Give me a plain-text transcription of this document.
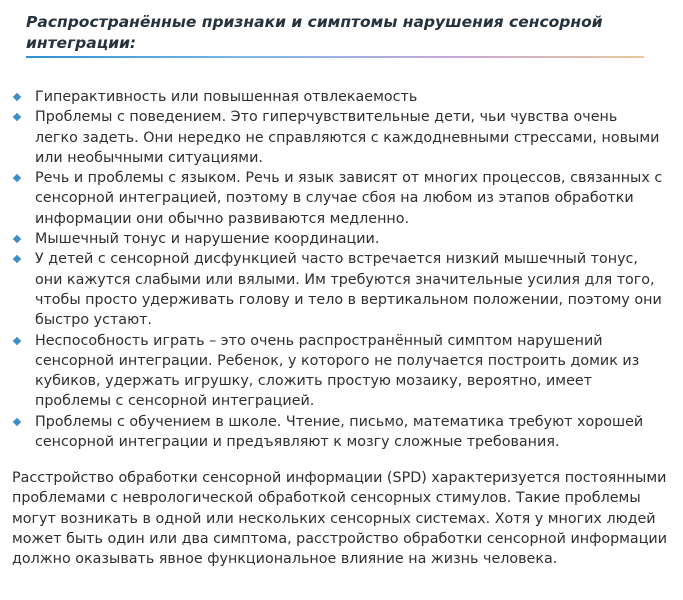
Распространённые признаки и симптомы нарушения сенсорной интеграции:
Гиперактивность или повышенная отвлекаемость
Проблемы с поведением. Это гиперчувствительные дети, чьи чувства очень легко задеть. Они нередко не справляются с каждодневными стрессами, новыми или необычными ситуациями.
Речь и проблемы с языком. Речь и язык зависят от многих процессов, связанных с сенсорной интеграцией, поэтому в случае сбоя на любом из этапов обработки информации они обычно развиваются медленно.
Мышечный тонус и нарушение координации.
У детей с сенсорной дисфункцией часто встречается низкий мышечный тонус, они кажутся слабыми или вялыми. Им требуются значительные усилия для того, чтобы просто удерживать голову и тело в вертикальном положении, поэтому они быстро устают.
Неспособность играть – это очень распространённый симптом нарушений сенсорной интеграции. Ребенок, у которого не получается построить домик из кубиков, удержать игрушку, сложить простую мозаику, вероятно, имеет проблемы с сенсорной интеграцией.
Проблемы с обучением в школе. Чтение, письмо, математика требуют хорошей сенсорной интеграции и предъявляют к мозгу сложные требования.

Расстройство обработки сенсорной информации (SPD) характеризуется постоянными проблемами с неврологической обработкой сенсорных стимулов. Такие проблемы могут возникать в одной или нескольких сенсорных системах. Хотя у многих людей может быть один или два симптома, расстройство обработки сенсорной информации должно оказывать явное функциональное влияние на жизнь человека.
